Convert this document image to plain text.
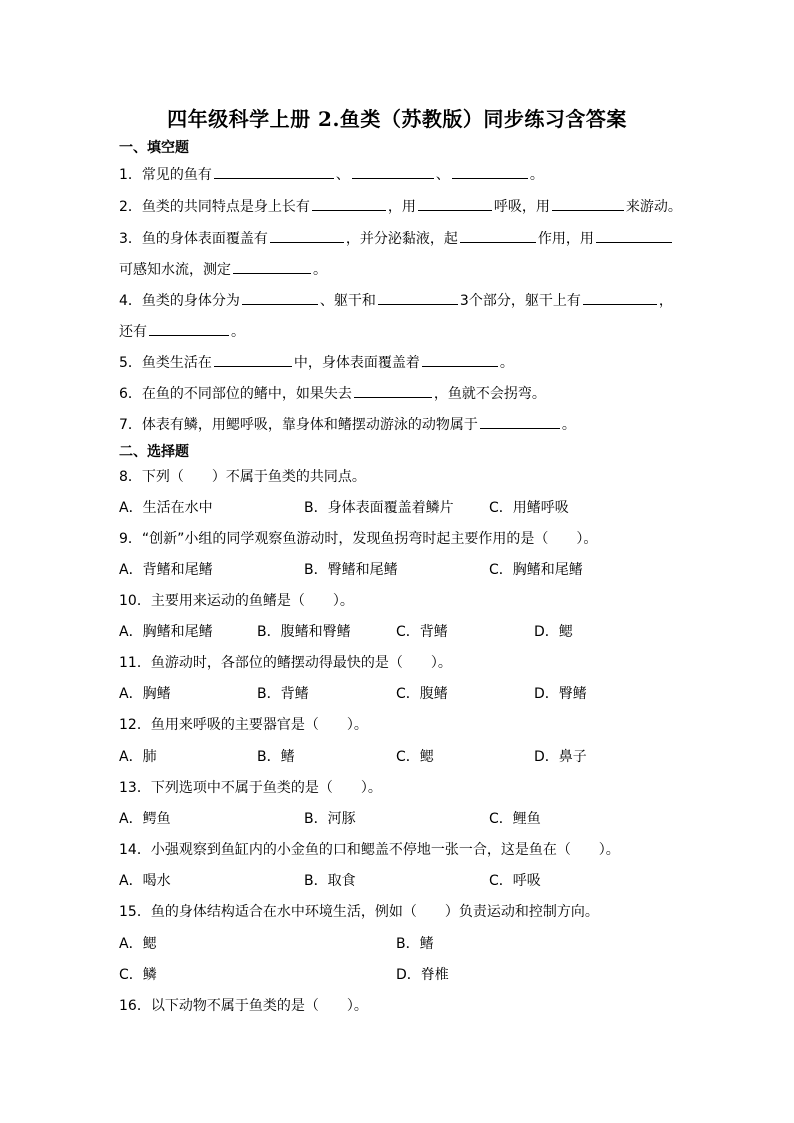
四年级科学上册 2.鱼类（苏教版）同步练习含答案
一、填空题
1．常见的鱼有	、	、	。
2．鱼类的共同特点是身上长有	，用	呼吸，用	来游动。
3．鱼的身体表面覆盖有	，并分泌黏液，起	作用，用
可感知水流，测定	。
4．鱼类的身体分为	、躯干和	3个部分，躯干上有	，
还有	。
5．鱼类生活在	中，身体表面覆盖着	。
6．在鱼的不同部位的鳍中，如果失去	，鱼就不会拐弯。
7．体表有鳞，用鳃呼吸，靠身体和鳍摆动游泳的动物属于	。
二、选择题
8．下列（　　）不属于鱼类的共同点。
A．生活在水中	B．身体表面覆盖着鳞片	C．用鳍呼吸
9．“创新”小组的同学观察鱼游动时，发现鱼拐弯时起主要作用的是（　　）。
A．背鳍和尾鳍	B．臀鳍和尾鳍	C．胸鳍和尾鳍
10．主要用来运动的鱼鳍是（　　）。
A．胸鳍和尾鳍	B．腹鳍和臀鳍	C．背鳍	D．鳃
11．鱼游动时，各部位的鳍摆动得最快的是（　　）。
A．胸鳍	B．背鳍	C．腹鳍	D．臀鳍
12．鱼用来呼吸的主要器官是（　　）。
A．肺	B．鳍	C．鳃	D．鼻子
13．下列选项中不属于鱼类的是（　　）。
A．鳄鱼	B．河豚	C．鲤鱼
14．小强观察到鱼缸内的小金鱼的口和鳃盖不停地一张一合，这是鱼在（　　）。
A．喝水	B．取食	C．呼吸
15．鱼的身体结构适合在水中环境生活，例如（　　）负责运动和控制方向。
A．鳃	B．鳍
C．鳞	D．脊椎
16．以下动物不属于鱼类的是（　　）。
